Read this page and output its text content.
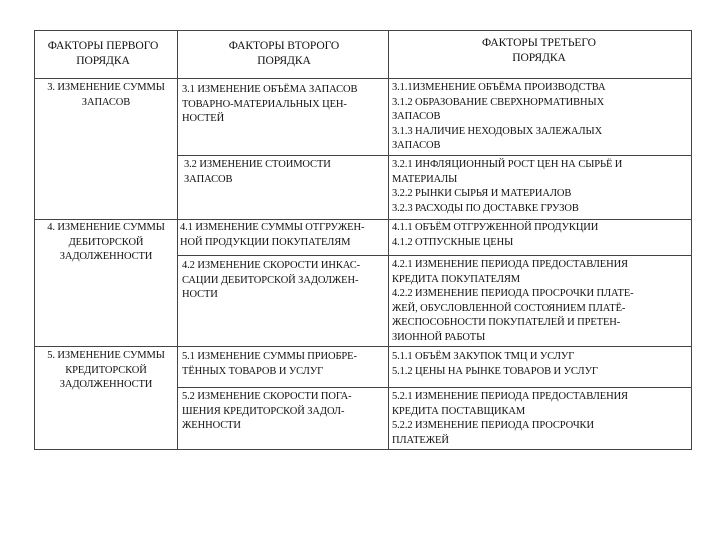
ФАКТОРЫ ПЕРВОГО
ПОРЯДКА
ФАКТОРЫ ВТОРОГО
ПОРЯДКА
ФАКТОРЫ ТРЕТЬЕГО
ПОРЯДКА
3. ИЗМЕНЕНИЕ СУММЫ
ЗАПАСОВ
3.1 ИЗМЕНЕНИЕ ОБЪЁМА ЗАПАСОВ
ТОВАРНО-МАТЕРИАЛЬНЫХ ЦЕН-
НОСТЕЙ
3.1.1ИЗМЕНЕНИЕ ОБЪЁМА ПРОИЗВОДСТВА
3.1.2 ОБРАЗОВАНИЕ СВЕРХНОРМАТИВНЫХ
ЗАПАСОВ
3.1.3 НАЛИЧИЕ НЕХОДОВЫХ ЗАЛЕЖАЛЫХ
ЗАПАСОВ
3.2 ИЗМЕНЕНИЕ СТОИМОСТИ
ЗАПАСОВ
3.2.1 ИНФЛЯЦИОННЫЙ РОСТ ЦЕН НА СЫРЬЁ И
МАТЕРИАЛЫ
3.2.2 РЫНКИ СЫРЬЯ И МАТЕРИАЛОВ
3.2.3 РАСХОДЫ ПО ДОСТАВКЕ ГРУЗОВ
4. ИЗМЕНЕНИЕ СУММЫ
ДЕБИТОРСКОЙ
ЗАДОЛЖЕННОСТИ
4.1 ИЗМЕНЕНИЕ СУММЫ ОТГРУЖЕН-
НОЙ ПРОДУКЦИИ ПОКУПАТЕЛЯМ
4.1.1 ОБЪЁМ ОТГРУЖЕННОЙ ПРОДУКЦИИ
4.1.2 ОТПУСКНЫЕ ЦЕНЫ
4.2 ИЗМЕНЕНИЕ СКОРОСТИ ИНКАС-
САЦИИ ДЕБИТОРСКОЙ ЗАДОЛЖЕН-
НОСТИ
4.2.1 ИЗМЕНЕНИЕ ПЕРИОДА ПРЕДОСТАВЛЕНИЯ
КРЕДИТА ПОКУПАТЕЛЯМ
4.2.2 ИЗМЕНЕНИЕ ПЕРИОДА ПРОСРОЧКИ ПЛАТЕ-
ЖЕЙ, ОБУСЛОВЛЕННОЙ СОСТОЯНИЕМ ПЛАТЁ-
ЖЕСПОСОБНОСТИ ПОКУПАТЕЛЕЙ И ПРЕТЕН-
ЗИОННОЙ РАБОТЫ
5. ИЗМЕНЕНИЕ СУММЫ
КРЕДИТОРСКОЙ
ЗАДОЛЖЕННОСТИ
5.1 ИЗМЕНЕНИЕ СУММЫ ПРИОБРЕ-
ТЁННЫХ ТОВАРОВ И УСЛУГ
5.1.1 ОБЪЁМ ЗАКУПОК ТМЦ И УСЛУГ
5.1.2 ЦЕНЫ НА РЫНКЕ ТОВАРОВ И УСЛУГ
5.2 ИЗМЕНЕНИЕ СКОРОСТИ ПОГА-
ШЕНИЯ КРЕДИТОРСКОЙ ЗАДОЛ-
ЖЕННОСТИ
5.2.1 ИЗМЕНЕНИЕ ПЕРИОДА ПРЕДОСТАВЛЕНИЯ
КРЕДИТА ПОСТАВЩИКАМ
5.2.2 ИЗМЕНЕНИЕ ПЕРИОДА ПРОСРОЧКИ
ПЛАТЕЖЕЙ
